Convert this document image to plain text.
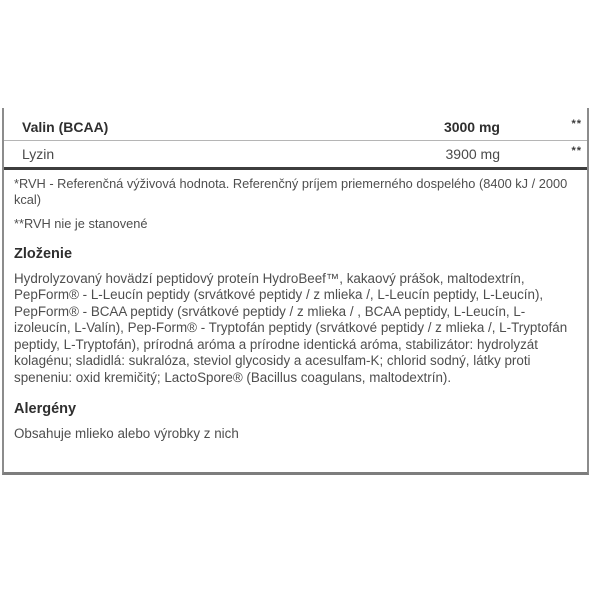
Valin (BCAA)	3000 mg	**
Lyzin	3900 mg	**
*RVH - Referenčná výživová hodnota. Referenčný príjem priemerného dospelého (8400 kJ / 2000 kcal)
**RVH nie je stanovené
Zloženie
Hydrolyzovaný hovädzí peptidový proteín HydroBeef™, kakaový prášok, maltodextrín, PepForm® - L-Leucín peptidy (srvátkové peptidy / z mlieka /, L-Leucín peptidy, L-Leucín), PepForm® - BCAA peptidy (srvátkové peptidy / z mlieka / , BCAA peptidy, L-Leucín, L-izoleucín, L-Valín), Pep-Form® - Tryptofán peptidy (srvátkové peptidy / z mlieka /, L-Tryptofán peptidy, L-Tryptofán), prírodná aróma a prírodne identická aróma, stabilizátor: hydrolyzát kolagénu; sladidlá: sukralóza, steviol glycosidy a acesulfam-K; chlorid sodný, látky proti speneniu: oxid kremičitý; LactoSpore® (Bacillus coagulans, maltodextrín).
Alergény
Obsahuje mlieko alebo výrobky z nich
